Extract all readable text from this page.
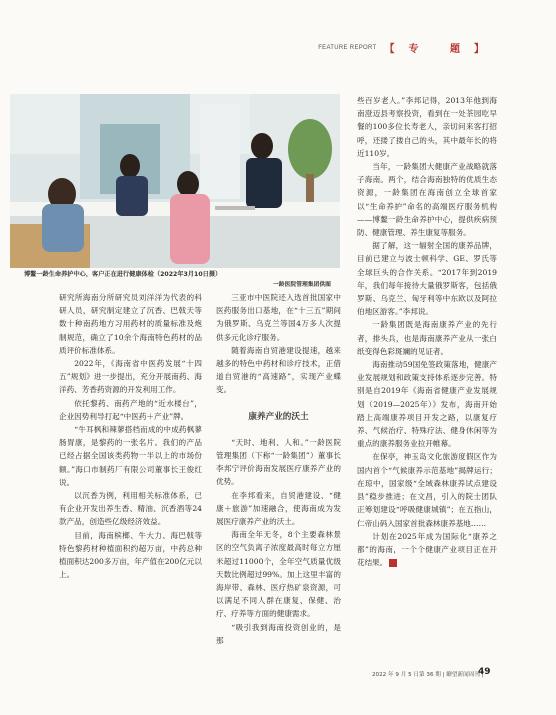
FEATURE REPORT 【专 题】
博鳌一龄生命养护中心，客户正在进行健康体检（2022年3月10日摄）
一龄医院管理集团供图

研究所海南分所研究员刘洋洋为代表的科研人员，研究制定建立了沉香、巴戟天等数十种南药地方习用药材的质量标准及炮制规范，确立了10余个海南特色药材的品质评价标准体系。

2022年，《海南省中医药发展“十四五”规划》进一步提出，充分开展南药、海洋药、芳香药资源的开发利用工作。

依托黎药、南药产地的“近水楼台”，企业因势利导打起“中医药＋产业”牌。

“牛耳枫和辣蓼搭档而成的中成药枫蓼肠胃康，是黎药的一张名片。我们的产品已经占据全国该类药物一半以上的市场份额。”海口市制药厂有限公司董事长王俊红说。

以沉香为例，利用相关标准体系，已有企业开发出养生香、精油、沉香酒等24款产品，创造些亿级经济效益。

目前，海南槟榔、牛大力、海巴戟等特色黎药材种植面积约超万亩，中药总种植面积达200多万亩，年产值在200亿元以上。

三亚市中医院还入选首批国家中医药服务出口基地，在“十三五”期间为俄罗斯、乌克兰等国4万多人次提供多元化诊疗服务。

随着海南自贸港建设提速，越来越多的特色中药材和诊疗技术，正借道自贸港的“高速路”，实现产业蝶变。

康养产业的沃土

“天时、地利、人和。”一龄医院管理集团（下称“一龄集团”）董事长李邦宁评价海南发展医疗康养产业的优势。

在李邦看来，自贸港建设、“健康＋旅游”加速融合，使海南成为发展医疗康养产业的沃土。

海南全年无冬，8个主要森林景区的空气负离子浓度最高时每立方厘米超过11000个，全年空气质量优级天数比例超过99%。加上这里丰富的海岸带、森林、医疗热矿泉资源，可以满足不同人群在康复、保健、治疗、疗养等方面的健康需求。

“吸引我到海南投资创业的，是那

些百岁老人。”李邦记得，2013年他到海南澄迈县考察投资，看到在一处茶园吃早餐的100多位长寿老人，亲切问来客打招呼，还搂了搂自己的头，其中最年长的将近110岁。

当年，一龄集团大健康产业战略就落子海南。两个，结合海南独特的优质生态资源，一龄集团在海南创立全球首家以“生命养护”命名的高端医疗服务机构——博鳌一龄生命养护中心，提供疾病预防、健康管理、养生康复等服务。

据了解，这一辐射全国的康养品牌，目前已建立与波士顿科学、GE、罗氏等全球巨头的合作关系。“2017年到2019年，我们每年接待大量俄罗斯客，包括俄罗斯、乌克兰、匈牙利等中东欧以及阿拉伯地区游客。”李邦说。

一龄集团既是海南康养产业的先行者，排头兵，也是海南康养产业从一张白纸变得色彩斑斓的见证者。

海南推动59国免签政策落地，健康产业发展规划和政策支持体系逐步完善。特别是自2019年《海南省健康产业发展规划（2019—2025年）》发布，海南开始踏上高端康养项目开发之路，以康复疗养、气候治疗、特殊疗法、健身休闲等为重点的康养服务业拉开帷幕。

在保亭，神玉岛文化旅游度假区作为国内首个“气候康养示范基地”揭牌运行；在琼中，国家级“全域森林康养试点建设县”稳步推进；在文昌，引入的院士团队正筹划建设“呼吸健康城镇”；在五指山，仁帝山码入国家首批森林康养基地……

计划在2025年成为国际化“康养之都”的海南，一个个健康产业项目正在开花结果。

2022 年 9 月 5 日第 36 期 | 瞭望新闻周刊 |
49
